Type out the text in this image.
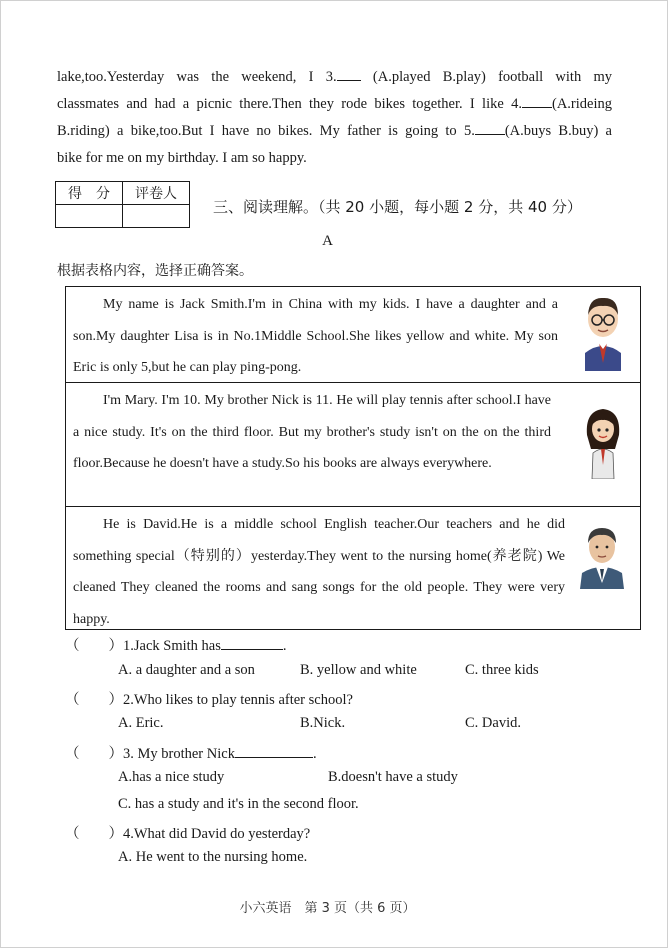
lake,too.Yesterday was the weekend, I 3. (A.played B.play) football with my
classmates and had a picnic there.Then they rode bikes together. I like 4. (A.rideing
B.riding) a bike,too.But I have no bikes. My father is going to 5. (A.buys B.buy) a
bike for me on my birthday. I am so happy.
得　分	评卷人

三、阅读理解。（共 20 小题，每小题 2 分，共 40 分）
A
根据表格内容，选择正确答案。
My name is Jack Smith.I'm in China with my kids. I have a daughter and a son.My daughter Lisa is in No.1Middle School.She likes yellow and white. My son Eric is only 5,but he can play ping-pong.
I'm Mary. I'm 10. My brother Nick is 11. He will play tennis after school.I have a nice study. It's on the third floor. But my brother's study isn't on the on the third floor.Because he doesn't have a study.So his books are always everywhere.
He is David.He is a middle school English teacher.Our teachers and he did something special（特别的）yesterday.They went to the nursing home(养老院) We cleaned They cleaned the rooms and sang songs for the old people. They were very happy.
（　　）1.Jack Smith has	.
A. a daughter and a son	B. yellow and white	C. three kids
（　　）2.Who likes to play tennis after school?
A. Eric.	B.Nick.	C. David.
（　　）3. My brother Nick	.
A.has a nice study	B.doesn't have a study
C. has a study and it's in the second floor.
（　　）4.What did David do yesterday?
A. He went to the nursing home.
小六英语　第 3 页（共 6 页）
